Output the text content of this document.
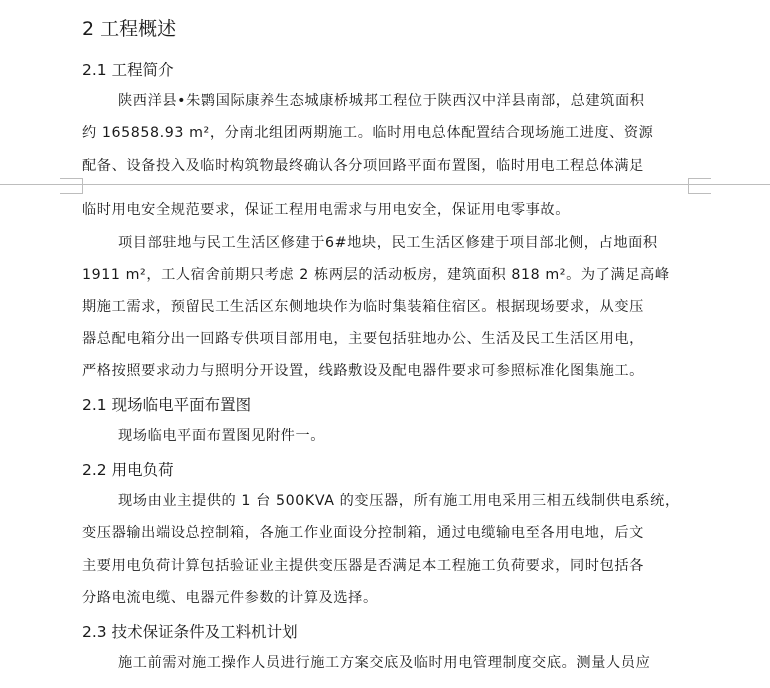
2 工程概述
2.1 工程简介
陕西洋县•朱鹮国际康养生态城康桥城邦工程位于陕西汉中洋县南部，总建筑面积
约 165858.93 m²，分南北组团两期施工。临时用电总体配置结合现场施工进度、资源
配备、设备投入及临时构筑物最终确认各分项回路平面布置图，临时用电工程总体满足
临时用电安全规范要求，保证工程用电需求与用电安全，保证用电零事故。
项目部驻地与民工生活区修建于6#地块，民工生活区修建于项目部北侧，占地面积
1911 m²，工人宿舍前期只考虑 2 栋两层的活动板房，建筑面积 818 m²。为了满足高峰
期施工需求，预留民工生活区东侧地块作为临时集装箱住宿区。根据现场要求，从变压
器总配电箱分出一回路专供项目部用电，主要包括驻地办公、生活及民工生活区用电，
严格按照要求动力与照明分开设置，线路敷设及配电器件要求可参照标准化图集施工。
2.1 现场临电平面布置图
现场临电平面布置图见附件一。
2.2 用电负荷
现场由业主提供的 1 台 500KVA 的变压器，所有施工用电采用三相五线制供电系统，
变压器输出端设总控制箱，各施工作业面设分控制箱，通过电缆输电至各用电地，后文
主要用电负荷计算包括验证业主提供变压器是否满足本工程施工负荷要求，同时包括各
分路电流电缆、电器元件参数的计算及选择。
2.3 技术保证条件及工料机计划
施工前需对施工操作人员进行施工方案交底及临时用电管理制度交底。测量人员应
